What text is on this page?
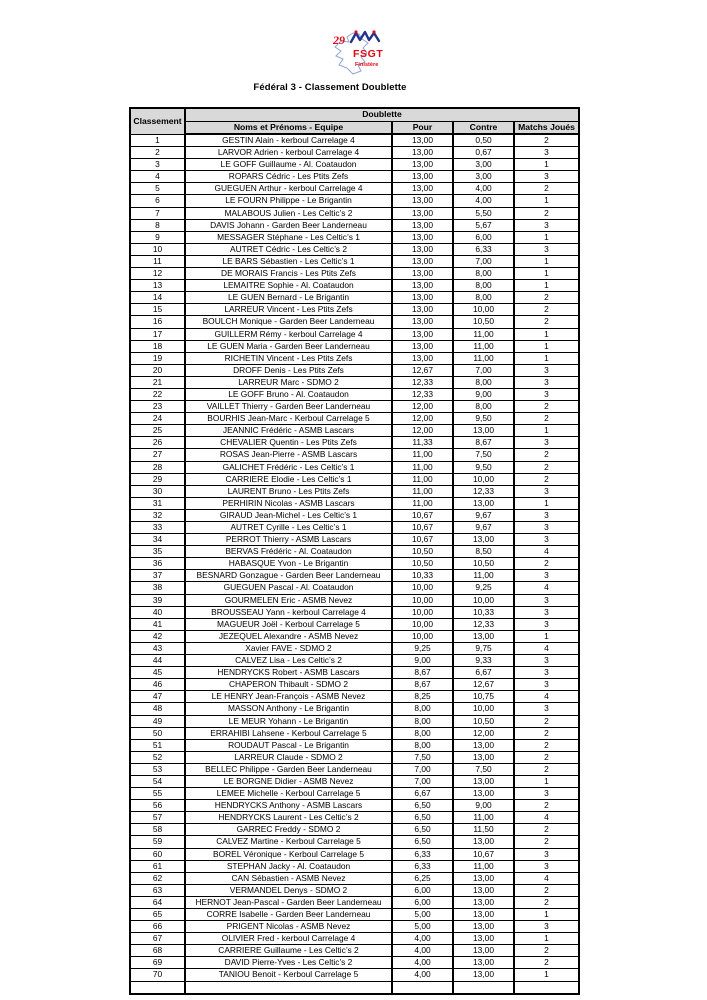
29
FSGT
Finistère
Fédéral 3 - Classement Doublette
Classement	Doublette			
	Noms et Prénoms - Equipe	Pour	Contre	Matchs Joués
1	GESTIN Alain - kerboul Carrelage 4	13,00	0,50	2
2	LARVOR Adrien - kerboul Carrelage 4	13,00	0,67	3
3	LE GOFF Guillaume - Al. Coataudon	13,00	3,00	1
4	ROPARS Cédric - Les Ptits Zefs	13,00	3,00	3
5	GUEGUEN Arthur - kerboul Carrelage 4	13,00	4,00	2
6	LE FOURN Philippe - Le Brigantin	13,00	4,00	1
7	MALABOUS Julien - Les Celtic’s 2	13,00	5,50	2
8	DAVIS Johann - Garden Beer Landerneau	13,00	5,67	3
9	MESSAGER Stéphane - Les Celtic’s 1	13,00	6,00	1
10	AUTRET Cédric - Les Celtic’s 2	13,00	6,33	3
11	LE BARS Sébastien - Les Celtic’s 1	13,00	7,00	1
12	DE MORAIS Francis - Les Ptits Zefs	13,00	8,00	1
13	LEMAITRE Sophie - Al. Coataudon	13,00	8,00	1
14	LE GUEN Bernard - Le Brigantin	13,00	8,00	2
15	LARREUR Vincent - Les Ptits Zefs	13,00	10,00	2
16	BOULCH Monique - Garden Beer Landerneau	13,00	10,50	2
17	GUILLERM Rémy - kerboul Carrelage 4	13,00	11,00	1
18	LE GUEN Maria - Garden Beer Landerneau	13,00	11,00	1
19	RICHETIN Vincent - Les Ptits Zefs	13,00	11,00	1
20	DROFF Denis - Les Ptits Zefs	12,67	7,00	3
21	LARREUR Marc - SDMO 2	12,33	8,00	3
22	LE GOFF Bruno - Al. Coataudon	12,33	9,00	3
23	VAILLET Thierry - Garden Beer Landerneau	12,00	8,00	2
24	BOURHIS Jean-Marc - Kerboul Carrelage 5	12,00	9,50	2
25	JEANNIC Frédéric - ASMB Lascars	12,00	13,00	1
26	CHEVALIER Quentin - Les Ptits Zefs	11,33	8,67	3
27	ROSAS Jean-Pierre - ASMB Lascars	11,00	7,50	2
28	GALICHET Frédéric - Les Celtic’s 1	11,00	9,50	2
29	CARRIERE Elodie - Les Celtic’s 1	11,00	10,00	2
30	LAURENT Bruno - Les Ptits Zefs	11,00	12,33	3
31	PERHIRIN Nicolas - ASMB Lascars	11,00	13,00	1
32	GIRAUD Jean-Michel - Les Celtic’s 1	10,67	9,67	3
33	AUTRET Cyrille - Les Celtic’s 1	10,67	9,67	3
34	PERROT Thierry - ASMB Lascars	10,67	13,00	3
35	BERVAS Frédéric - Al. Coataudon	10,50	8,50	4
36	HABASQUE Yvon - Le Brigantin	10,50	10,50	2
37	BESNARD Gonzague - Garden Beer Landerneau	10,33	11,00	3
38	GUEGUEN Pascal - Al. Coataudon	10,00	9,25	4
39	GOURMELEN Eric - ASMB Nevez	10,00	10,00	3
40	BROUSSEAU Yann - kerboul Carrelage 4	10,00	10,33	3
41	MAGUEUR Joël - Kerboul Carrelage 5	10,00	12,33	3
42	JEZEQUEL Alexandre - ASMB Nevez	10,00	13,00	1
43	Xavier FAVE - SDMO 2	9,25	9,75	4
44	CALVEZ Lisa - Les Celtic’s 2	9,00	9,33	3
45	HENDRYCKS Robert - ASMB Lascars	8,67	6,67	3
46	CHAPERON Thibault - SDMO 2	8,67	12,67	3
47	LE HENRY Jean-François - ASMB Nevez	8,25	10,75	4
48	MASSON Anthony - Le Brigantin	8,00	10,00	3
49	LE MEUR Yohann - Le Brigantin	8,00	10,50	2
50	ERRAHIBI Lahsene - Kerboul Carrelage 5	8,00	12,00	2
51	ROUDAUT Pascal - Le Brigantin	8,00	13,00	2
52	LARREUR Claude - SDMO 2	7,50	13,00	2
53	BELLEC Philippe - Garden Beer Landerneau	7,00	7,50	2
54	LE BORGNE Didier - ASMB Nevez	7,00	13,00	1
55	LEMEE Michelle - Kerboul Carrelage 5	6,67	13,00	3
56	HENDRYCKS Anthony - ASMB Lascars	6,50	9,00	2
57	HENDRYCKS Laurent - Les Celtic’s 2	6,50	11,00	4
58	GARREC Freddy - SDMO 2	6,50	11,50	2
59	CALVEZ Martine - Kerboul Carrelage 5	6,50	13,00	2
60	BOREL Véronique - Kerboul Carrelage 5	6,33	10,67	3
61	STEPHAN Jacky - Al. Coataudon	6,33	11,00	3
62	CAN Sébastien - ASMB Nevez	6,25	13,00	4
63	VERMANDEL Denys - SDMO 2	6,00	13,00	2
64	HERNOT Jean-Pascal - Garden Beer Landerneau	6,00	13,00	2
65	CORRE Isabelle - Garden Beer Landerneau	5,00	13,00	1
66	PRIGENT Nicolas - ASMB Nevez	5,00	13,00	3
67	OLIVIER Fred - kerboul Carrelage 4	4,00	13,00	1
68	CARRIERE Guillaume - Les Celtic’s 2	4,00	13,00	2
69	DAVID Pierre-Yves - Les Celtic’s 2	4,00	13,00	2
70	TANIOU Benoit - Kerboul Carrelage 5	4,00	13,00	1
